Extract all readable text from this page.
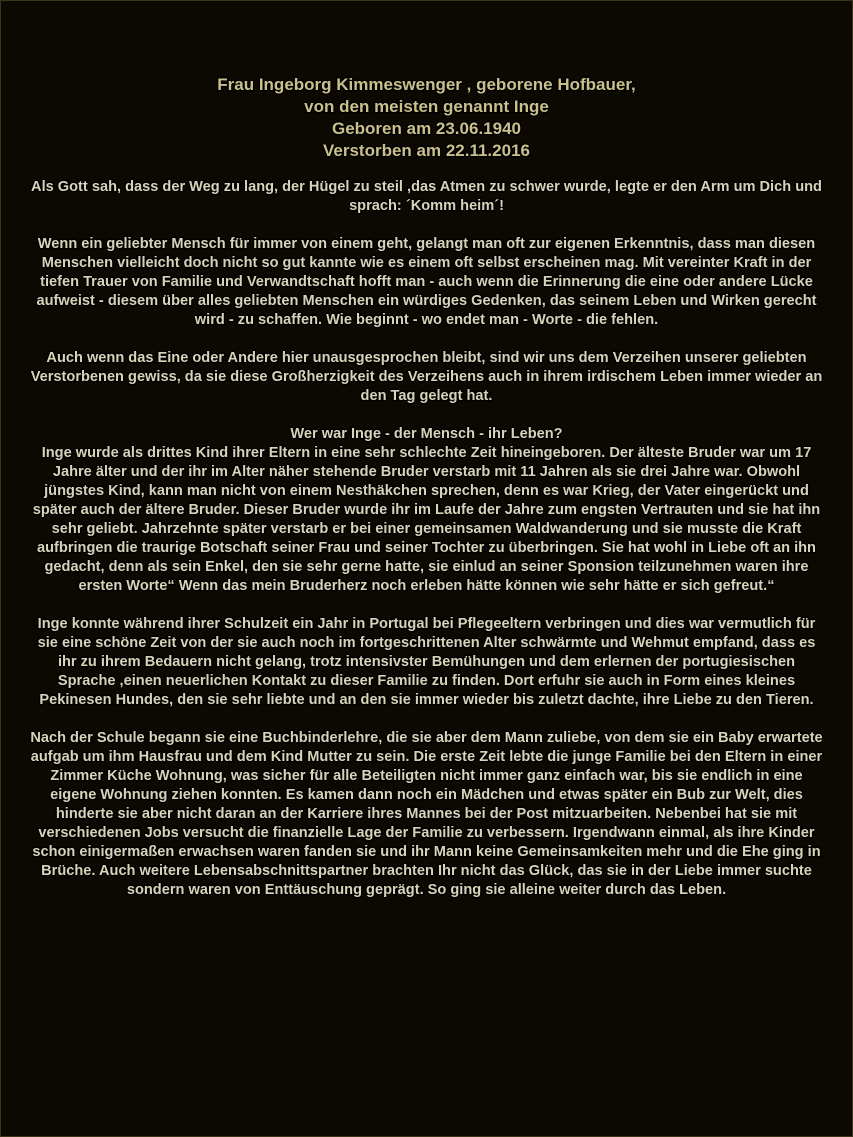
Frau Ingeborg Kimmeswenger , geborene Hofbauer,
von den meisten genannt Inge
Geboren am 23.06.1940
Verstorben am 22.11.2016

Als Gott sah, dass der Weg zu lang, der Hügel zu steil ,das Atmen zu schwer wurde, legte er den Arm um Dich und sprach: ´Komm heim´!

Wenn ein geliebter Mensch für immer von einem geht, gelangt man oft zur eigenen Erkenntnis, dass man diesen Menschen vielleicht doch nicht so gut kannte wie es einem oft selbst erscheinen mag. Mit vereinter Kraft in der tiefen Trauer von Familie und Verwandtschaft hofft man - auch wenn die Erinnerung die eine oder andere Lücke aufweist - diesem über alles geliebten Menschen ein würdiges Gedenken, das seinem Leben und Wirken gerecht wird - zu schaffen. Wie beginnt - wo endet man - Worte - die fehlen.

Auch wenn das Eine oder Andere hier unausgesprochen bleibt, sind wir uns dem Verzeihen unserer geliebten Verstorbenen gewiss, da sie diese Großherzigkeit des Verzeihens auch in ihrem irdischem Leben immer wieder an den Tag gelegt hat.

Wer war Inge - der Mensch - ihr Leben?

Inge wurde als drittes Kind ihrer Eltern in eine sehr schlechte Zeit hineingeboren. Der älteste Bruder war um 17 Jahre älter und der ihr im Alter näher stehende Bruder verstarb mit 11 Jahren als sie drei Jahre war. Obwohl jüngstes Kind, kann man nicht von einem Nesthäkchen sprechen, denn es war Krieg, der Vater eingerückt und später auch der ältere Bruder. Dieser Bruder wurde ihr im Laufe der Jahre zum engsten Vertrauten und sie hat ihn sehr geliebt. Jahrzehnte später verstarb er bei einer gemeinsamen Waldwanderung und sie musste die Kraft aufbringen die traurige Botschaft seiner Frau und seiner Tochter zu überbringen. Sie hat wohl in Liebe oft an ihn gedacht, denn als sein Enkel, den sie sehr gerne hatte, sie einlud an seiner Sponsion teilzunehmen waren ihre ersten Worte“ Wenn das mein Bruderherz noch erleben hätte können wie sehr hätte er sich gefreut.“

Inge konnte während ihrer Schulzeit ein Jahr in Portugal bei Pflegeeltern verbringen und dies war vermutlich für sie eine schöne Zeit von der sie auch noch im fortgeschrittenen Alter schwärmte und Wehmut empfand, dass es ihr zu ihrem Bedauern nicht gelang, trotz intensivster Bemühungen und dem erlernen der portugiesischen Sprache ,einen neuerlichen Kontakt zu dieser Familie zu finden. Dort erfuhr sie auch in Form eines kleines Pekinesen Hundes, den sie sehr liebte und an den sie immer wieder bis zuletzt dachte, ihre Liebe zu den Tieren.

Nach der Schule begann sie eine Buchbinderlehre, die sie aber dem Mann zuliebe, von dem sie ein Baby erwartete aufgab um ihm Hausfrau und dem Kind Mutter zu sein. Die erste Zeit lebte die junge Familie bei den Eltern in einer Zimmer Küche Wohnung, was sicher für alle Beteiligten nicht immer ganz einfach war, bis sie endlich in eine eigene Wohnung ziehen konnten. Es kamen dann noch ein Mädchen und etwas später ein Bub zur Welt, dies hinderte sie aber nicht daran an der Karriere ihres Mannes bei der Post mitzuarbeiten. Nebenbei hat sie mit verschiedenen Jobs versucht die finanzielle Lage der Familie zu verbessern. Irgendwann einmal, als ihre Kinder schon einigermaßen erwachsen waren fanden sie und ihr Mann keine Gemeinsamkeiten mehr und die Ehe ging in Brüche. Auch weitere Lebensabschnittspartner brachten Ihr nicht das Glück, das sie in der Liebe immer suchte sondern waren von Enttäuschung geprägt. So ging sie alleine weiter durch das Leben.
